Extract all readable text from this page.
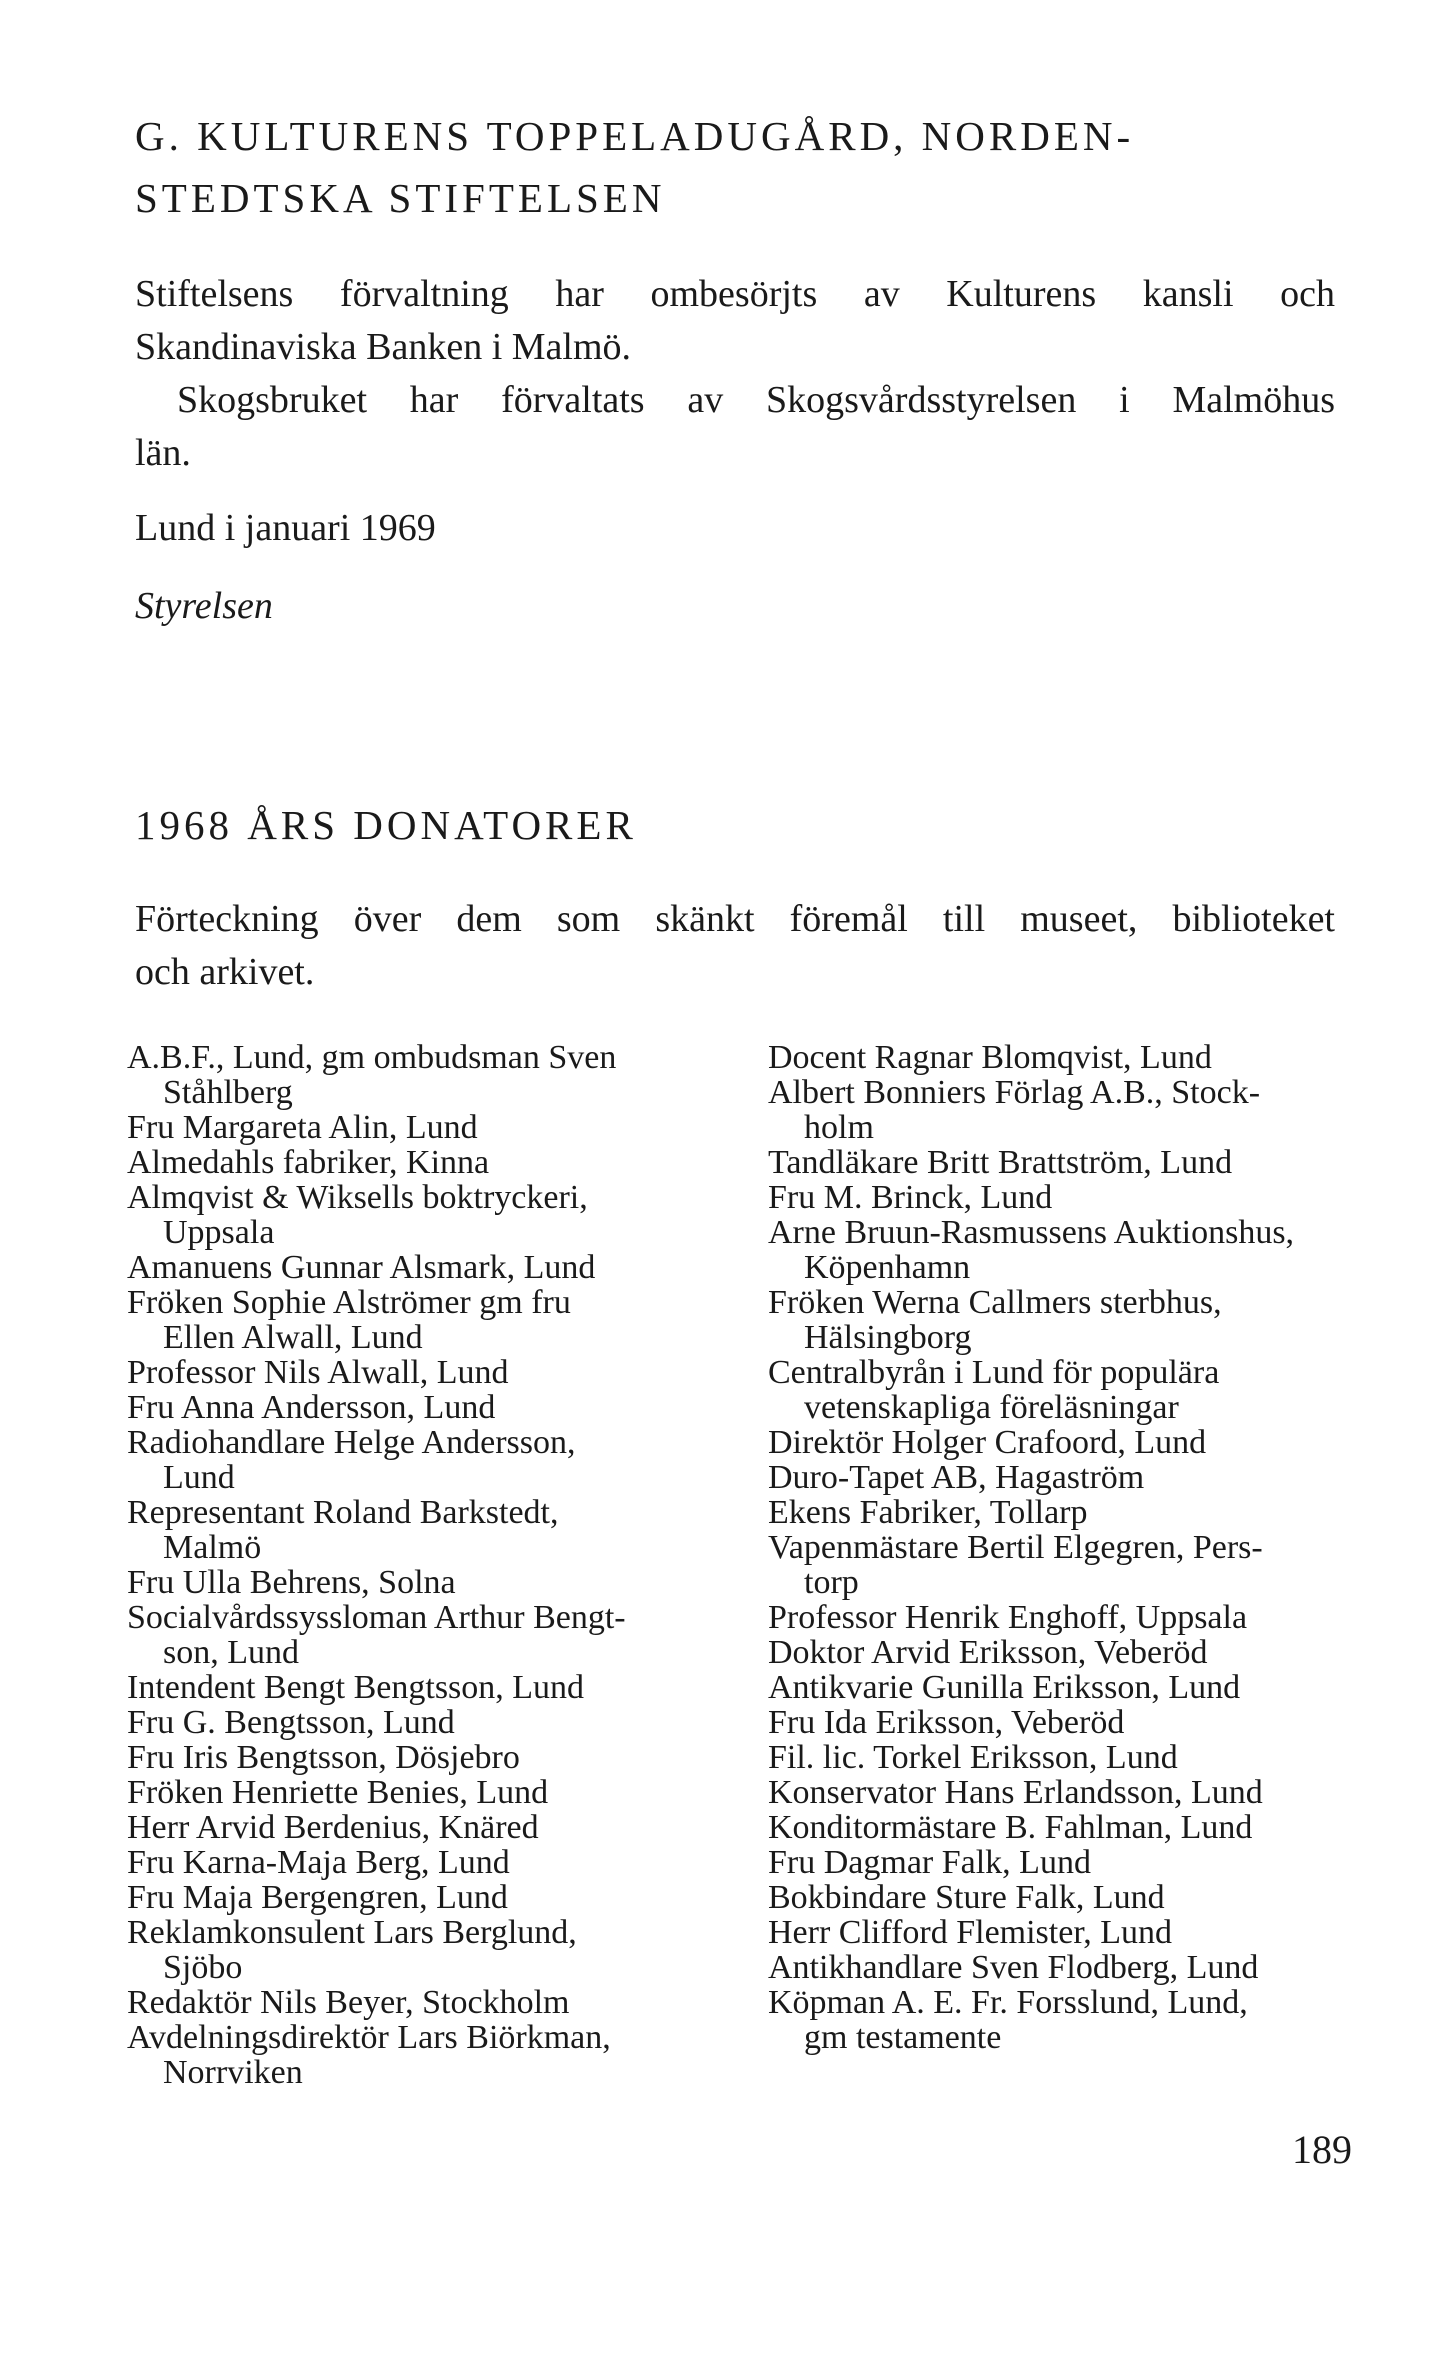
G. KULTURENS TOPPELADUGÅRD, NORDEN-
STEDTSKA STIFTELSEN
Stiftelsens förvaltning har ombesörjts av Kulturens kansli och
Skandinaviska Banken i Malmö.
Skogsbruket har förvaltats av Skogsvårdsstyrelsen i Malmöhus
län.
Lund i januari 1969
Styrelsen
1968 ÅRS DONATORER
Förteckning över dem som skänkt föremål till museet, biblioteket
och arkivet.
A.B.F., Lund, gm ombudsman Sven
Ståhlberg
Fru Margareta Alin, Lund
Almedahls fabriker, Kinna
Almqvist & Wiksells boktryckeri,
Uppsala
Amanuens Gunnar Alsmark, Lund
Fröken Sophie Alströmer gm fru
Ellen Alwall, Lund
Professor Nils Alwall, Lund
Fru Anna Andersson, Lund
Radiohandlare Helge Andersson,
Lund
Representant Roland Barkstedt,
Malmö
Fru Ulla Behrens, Solna
Socialvårdssyssloman Arthur Bengt-
son, Lund
Intendent Bengt Bengtsson, Lund
Fru G. Bengtsson, Lund
Fru Iris Bengtsson, Dösjebro
Fröken Henriette Benies, Lund
Herr Arvid Berdenius, Knäred
Fru Karna-Maja Berg, Lund
Fru Maja Bergengren, Lund
Reklamkonsulent Lars Berglund,
Sjöbo
Redaktör Nils Beyer, Stockholm
Avdelningsdirektör Lars Biörkman,
Norrviken
Docent Ragnar Blomqvist, Lund
Albert Bonniers Förlag A.B., Stock-
holm
Tandläkare Britt Brattström, Lund
Fru M. Brinck, Lund
Arne Bruun-Rasmussens Auktionshus,
Köpenhamn
Fröken Werna Callmers sterbhus,
Hälsingborg
Centralbyrån i Lund för populära
vetenskapliga föreläsningar
Direktör Holger Crafoord, Lund
Duro-Tapet AB, Hagaström
Ekens Fabriker, Tollarp
Vapenmästare Bertil Elgegren, Pers-
torp
Professor Henrik Enghoff, Uppsala
Doktor Arvid Eriksson, Veberöd
Antikvarie Gunilla Eriksson, Lund
Fru Ida Eriksson, Veberöd
Fil. lic. Torkel Eriksson, Lund
Konservator Hans Erlandsson, Lund
Konditormästare B. Fahlman, Lund
Fru Dagmar Falk, Lund
Bokbindare Sture Falk, Lund
Herr Clifford Flemister, Lund
Antikhandlare Sven Flodberg, Lund
Köpman A. E. Fr. Forsslund, Lund,
gm testamente
189
